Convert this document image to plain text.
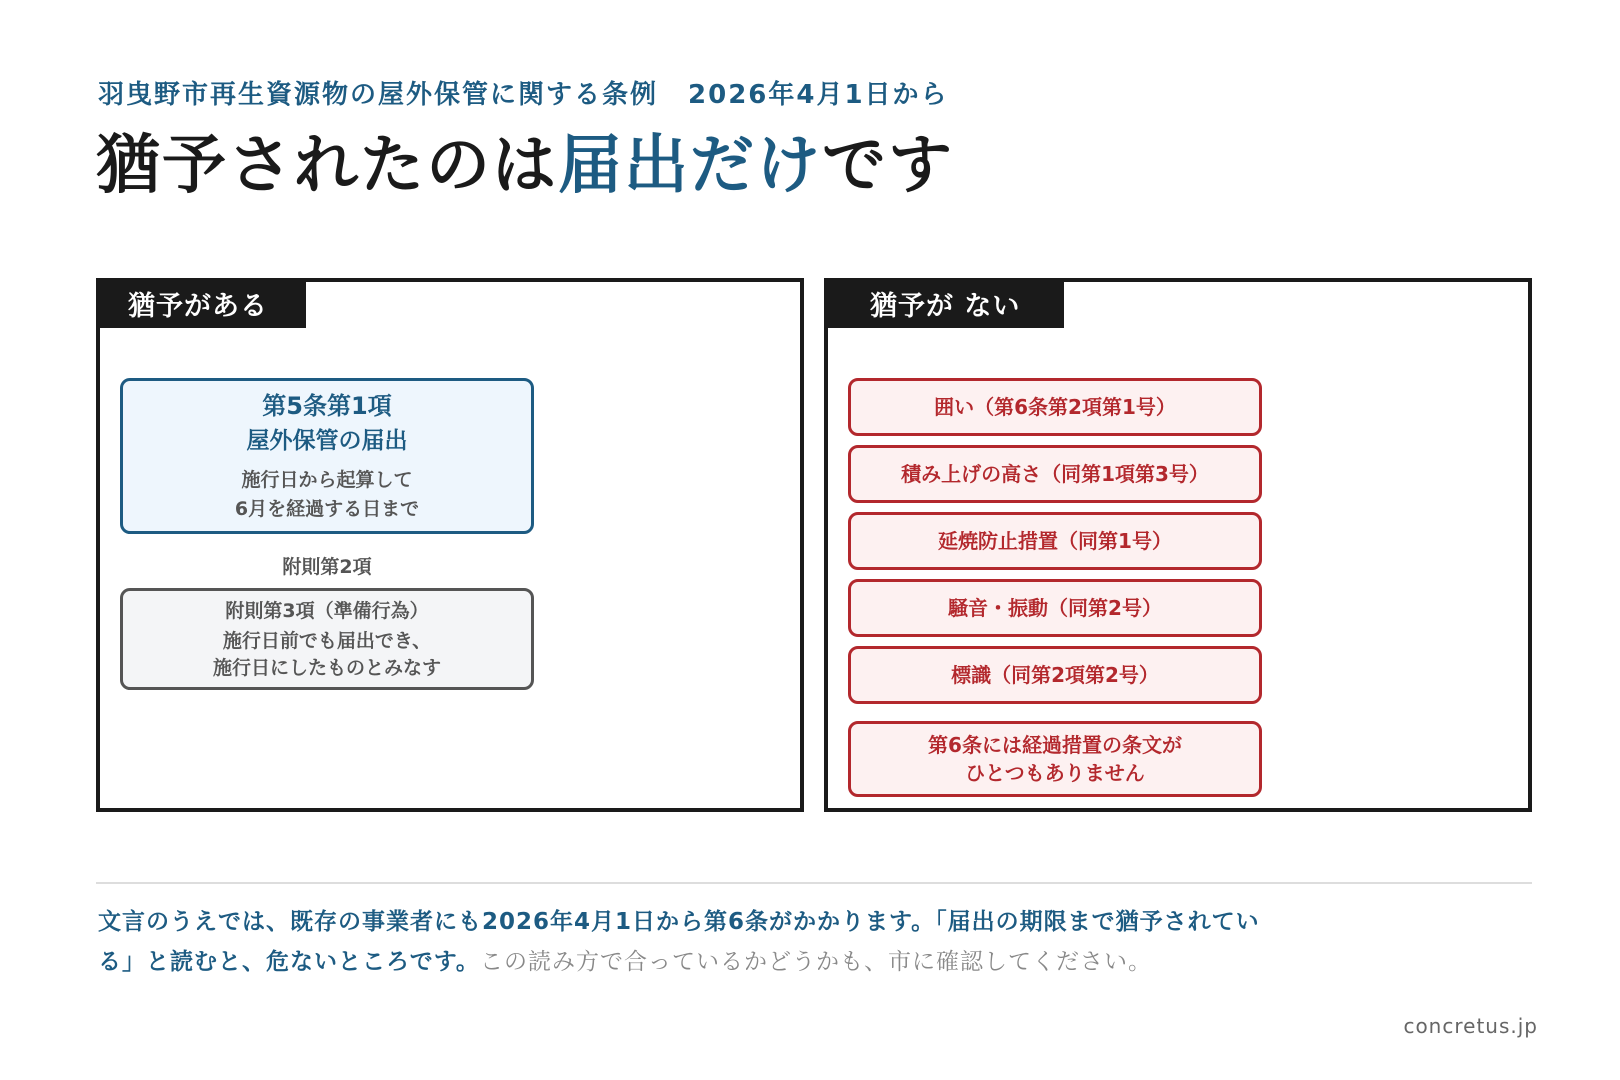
羽曳野市再生資源物の屋外保管に関する条例 2026年4月1日から
猶予されたのは届出だけです
猶予がある
第5条第1項
屋外保管の届出
施行日から起算して
6月を経過する日まで
附則第2項
附則第3項（準備行為）
施行日前でも届出でき、
施行日にしたものとみなす
猶予が ない
囲い（第6条第2項第1号）
積み上げの高さ（同第1項第3号）
延焼防止措置（同第1号）
騒音・振動（同第2号）
標識（同第2項第2号）
第6条には経過措置の条文が
ひとつもありません
文言のうえでは、既存の事業者にも2026年4月1日から第6条がかかります。「届出の期限まで猶予されている」と読むと、危ないところです。この読み方で合っているかどうかも、市に確認してください。
concretus.jp
